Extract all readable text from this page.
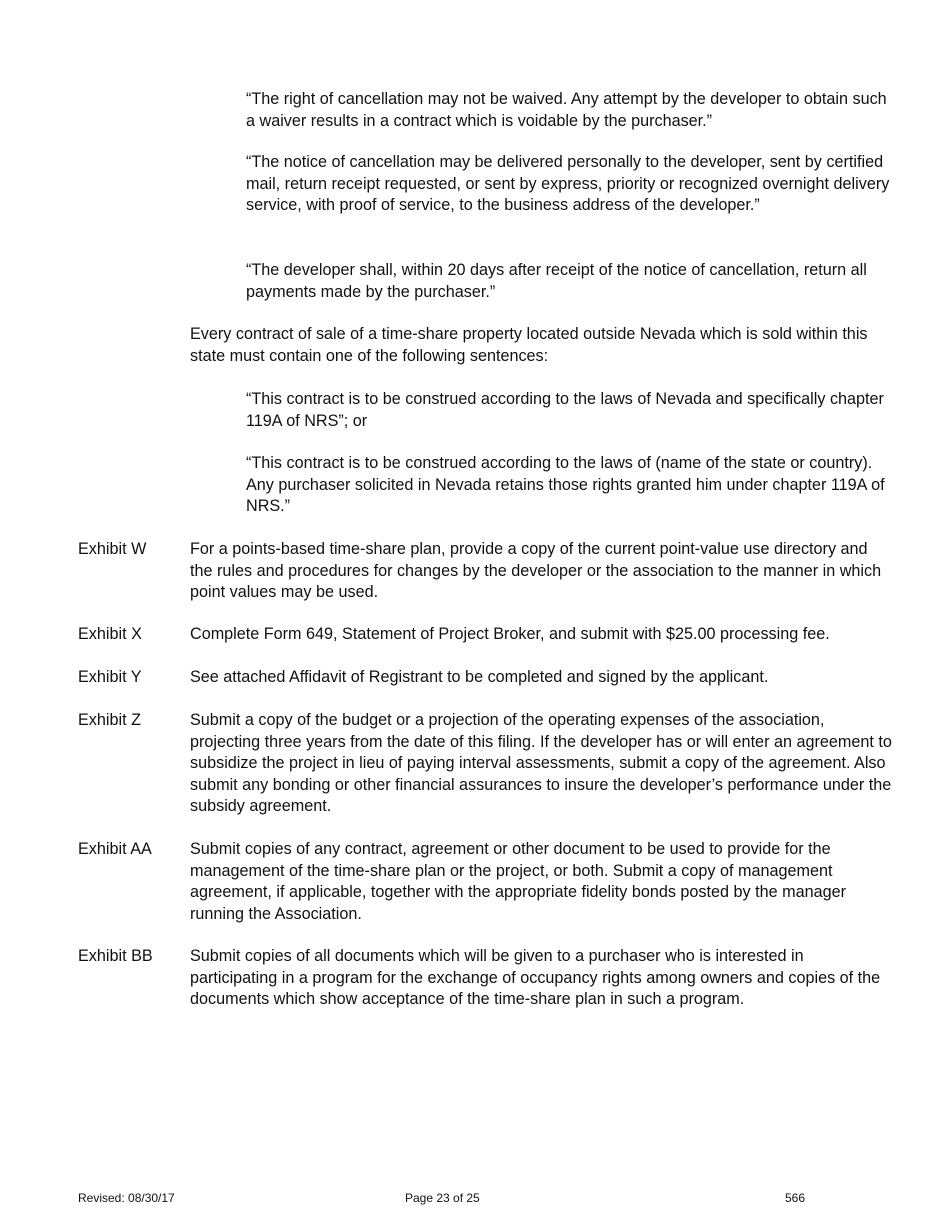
“The right of cancellation may not be waived. Any attempt by the developer to obtain such a waiver results in a contract which is voidable by the purchaser.”

“The notice of cancellation may be delivered personally to the developer, sent by certified mail, return receipt requested, or sent by express, priority or recognized overnight delivery service, with proof of service, to the business address of the developer.”

“The developer shall, within 20 days after receipt of the notice of cancellation, return all payments made by the purchaser.”

Every contract of sale of a time-share property located outside Nevada which is sold within this state must contain one of the following sentences:

“This contract is to be construed according to the laws of Nevada and specifically chapter 119A of NRS”; or

“This contract is to be construed according to the laws of (name of the state or country). Any purchaser solicited in Nevada retains those rights granted him under chapter 119A of NRS.”

Exhibit W	For a points-based time-share plan, provide a copy of the current point-value use directory and the rules and procedures for changes by the developer or the association to the manner in which point values may be used.

Exhibit X	Complete Form 649, Statement of Project Broker, and submit with $25.00 processing fee.

Exhibit Y	See attached Affidavit of Registrant to be completed and signed by the applicant.

Exhibit Z	Submit a copy of the budget or a projection of the operating expenses of the association, projecting three years from the date of this filing. If the developer has or will enter an agreement to subsidize the project in lieu of paying interval assessments, submit a copy of the agreement. Also submit any bonding or other financial assurances to insure the developer’s performance under the subsidy agreement.

Exhibit AA	Submit copies of any contract, agreement or other document to be used to provide for the management of the time-share plan or the project, or both. Submit a copy of management agreement, if applicable, together with the appropriate fidelity bonds posted by the manager running the Association.

Exhibit BB	Submit copies of all documents which will be given to a purchaser who is interested in participating in a program for the exchange of occupancy rights among owners and copies of the documents which show acceptance of the time-share plan in such a program.

Revised: 08/30/17	Page 23 of 25	566
